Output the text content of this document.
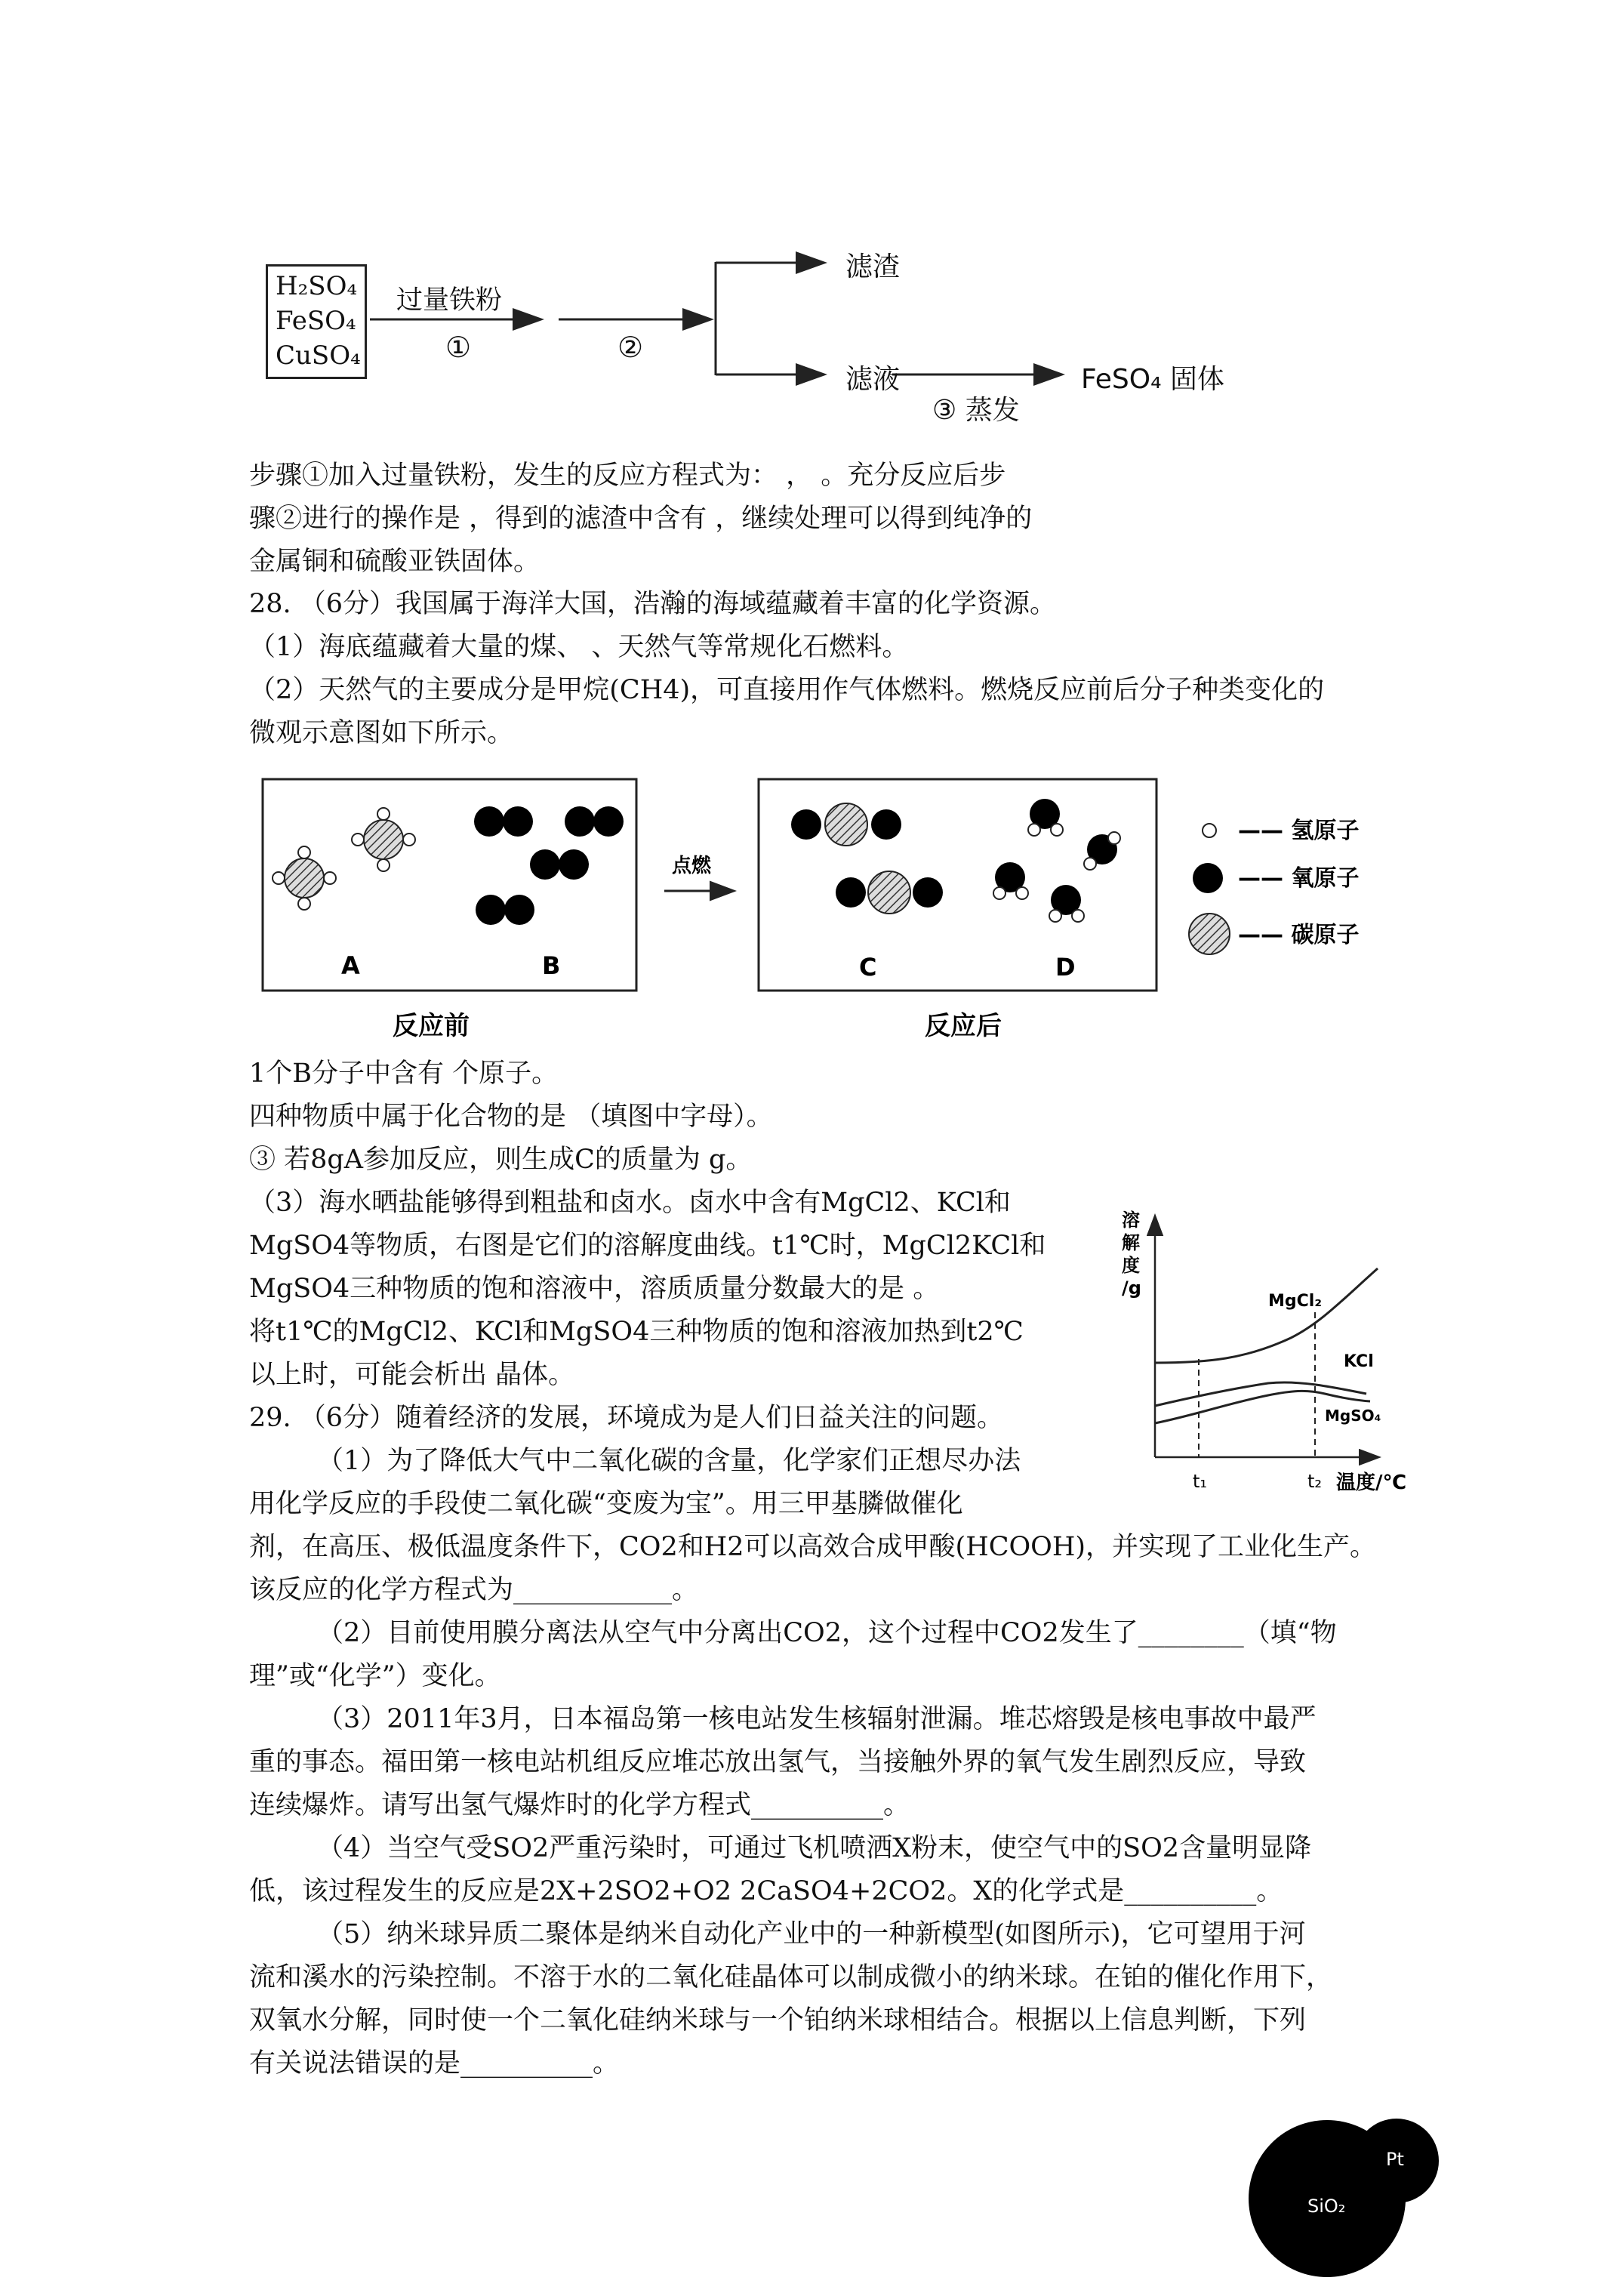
H₂SO₄
FeSO₄
CuSO₄
过量铁粉
①	②
滤渣
滤液	FeSO₄ 固体
③ 蒸发
步骤①加入过量铁粉，发生的反应方程式为： ， 。充分反应后步
骤②进行的操作是 ，得到的滤渣中含有 ，继续处理可以得到纯净的
金属铜和硫酸亚铁固体。
28. （6分）我国属于海洋大国，浩瀚的海域蕴藏着丰富的化学资源。
（1）海底蕴藏着大量的煤、 、天然气等常规化石燃料。
（2）天然气的主要成分是甲烷(CH4)，可直接用作气体燃料。燃烧反应前后分子种类变化的
微观示意图如下所示。
A	B
点燃
C	D
反应前	反应后
—— 氢原子
—— 氧原子
—— 碳原子
1个B分子中含有 个原子。
四种物质中属于化合物的是 （填图中字母）。
③ 若8gA参加反应，则生成C的质量为 g。
（3）海水晒盐能够得到粗盐和卤水。卤水中含有MgCl2、KCl和
MgSO4等物质，右图是它们的溶解度曲线。t1℃时，MgCl2KCl和
MgSO4三种物质的饱和溶液中，溶质质量分数最大的是 。
将t1℃的MgCl2、KCl和MgSO4三种物质的饱和溶液加热到t2℃
以上时，可能会析出 晶体。
溶
解
度
/g
MgCl₂
KCl
MgSO₄
t₁	t₂ 温度/℃
29. （6分）随着经济的发展，环境成为是人们日益关注的问题。
（1）为了降低大气中二氧化碳的含量，化学家们正想尽办法
用化学反应的手段使二氧化碳“变废为宝”。用三甲基膦做催化
剂，在高压、极低温度条件下，CO2和H2可以高效合成甲酸(HCOOH)，并实现了工业化生产。
该反应的化学方程式为____________。
（2）目前使用膜分离法从空气中分离出CO2，这个过程中CO2发生了________（填“物
理”或“化学”）变化。
（3）2011年3月，日本福岛第一核电站发生核辐射泄漏。堆芯熔毁是核电事故中最严
重的事态。福田第一核电站机组反应堆芯放出氢气，当接触外界的氧气发生剧烈反应，导致
连续爆炸。请写出氢气爆炸时的化学方程式__________。
（4）当空气受SO2严重污染时，可通过飞机喷洒X粉末，使空气中的SO2含量明显降
低，该过程发生的反应是2X+2SO2+O2 2CaSO4+2CO2。X的化学式是__________。
（5）纳米球异质二聚体是纳米自动化产业中的一种新模型(如图所示)，它可望用于河
流和溪水的污染控制。不溶于水的二氧化硅晶体可以制成微小的纳米球。在铂的催化作用下，
双氧水分解，同时使一个二氧化硅纳米球与一个铂纳米球相结合。根据以上信息判断，下列
有关说法错误的是__________。
SiO₂
Pt
